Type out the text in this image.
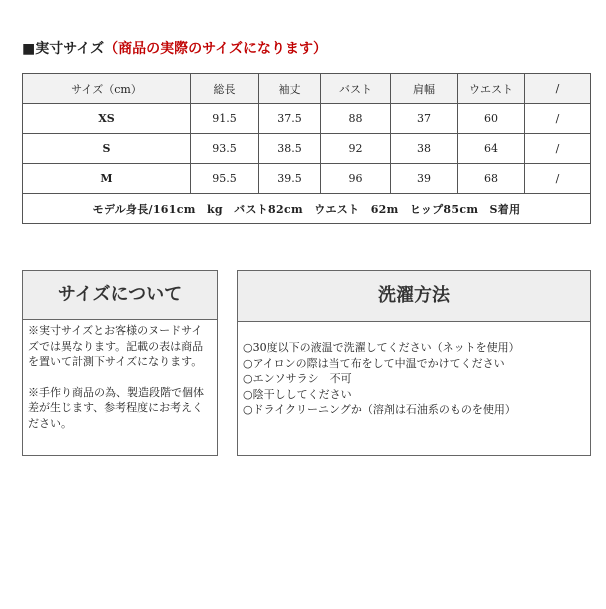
■実寸サイズ（商品の実際のサイズになります）
サイズ（cm）	総長	袖丈	バスト	肩幅	ウエスト	/
XS	91.5	37.5	88	37	60	/
S	93.5	38.5	92	38	64	/
M	95.5	39.5	96	39	68	/
モデル身長/161cm　kg　バスト82cm　ウエスト　62m　ヒップ85cm　S着用						
サイズについて

※実寸サイズとお客様のヌードサイズでは異なります。記載の表は商品を置いて計測下サイズになります。

※手作り商品の為、製造段階で個体差が生じます、参考程度にお考えください。

洗濯方法

○30度以下の液温で洗濯してください（ネットを使用）

○アイロンの際は当て布をして中温でかけてください

○エンソサラシ　不可

○陰干ししてください

○ドライクリーニングか（溶剤は石油系のものを使用）
